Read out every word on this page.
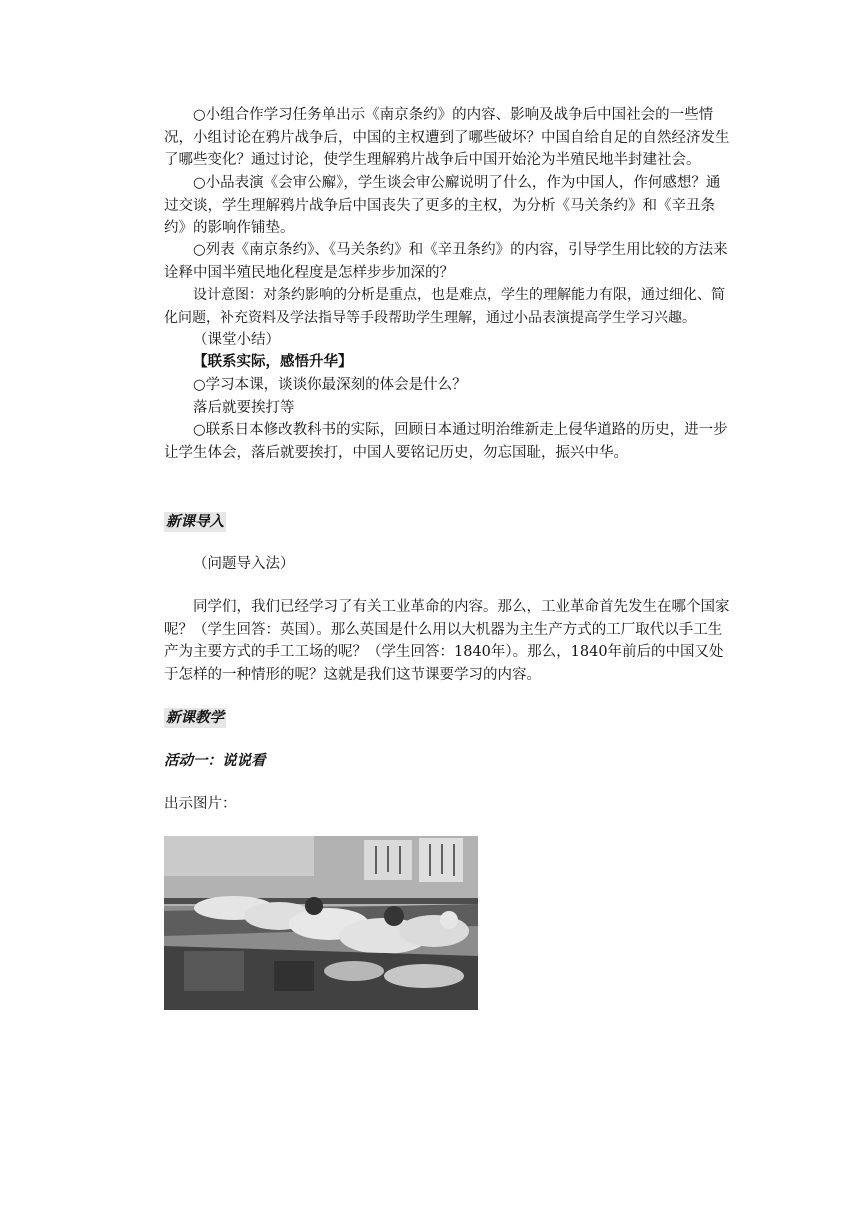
○小组合作学习任务单出示《南京条约》的内容、影响及战争后中国社会的一些情况，小组讨论在鸦片战争后，中国的主权遭到了哪些破坏？中国自给自足的自然经济发生了哪些变化？通过讨论，使学生理解鸦片战争后中国开始沦为半殖民地半封建社会。

○小品表演《会审公廨》，学生谈会审公廨说明了什么，作为中国人，作何感想？通过交谈，学生理解鸦片战争后中国丧失了更多的主权，为分析《马关条约》和《辛丑条约》的影响作铺垫。

○列表《南京条约》、《马关条约》和《辛丑条约》的内容，引导学生用比较的方法来诠释中国半殖民地化程度是怎样步步加深的？

设计意图：对条约影响的分析是重点，也是难点，学生的理解能力有限，通过细化、简化问题，补充资料及学法指导等手段帮助学生理解，通过小品表演提高学生学习兴趣。

（课堂小结）

【联系实际，感悟升华】

○学习本课，谈谈你最深刻的体会是什么？

落后就要挨打等

○联系日本修改教科书的实际，回顾日本通过明治维新走上侵华道路的历史，进一步让学生体会，落后就要挨打，中国人要铭记历史，勿忘国耻，振兴中华。

新课导入

（问题导入法）

同学们，我们已经学习了有关工业革命的内容。那么，工业革命首先发生在哪个国家呢？（学生回答：英国）。那么英国是什么用以大机器为主生产方式的工厂取代以手工生产为主要方式的手工工场的呢？（学生回答：1840年）。那么，1840年前后的中国又处于怎样的一种情形的呢？这就是我们这节课要学习的内容。

新课教学

活动一：说说看

出示图片：
